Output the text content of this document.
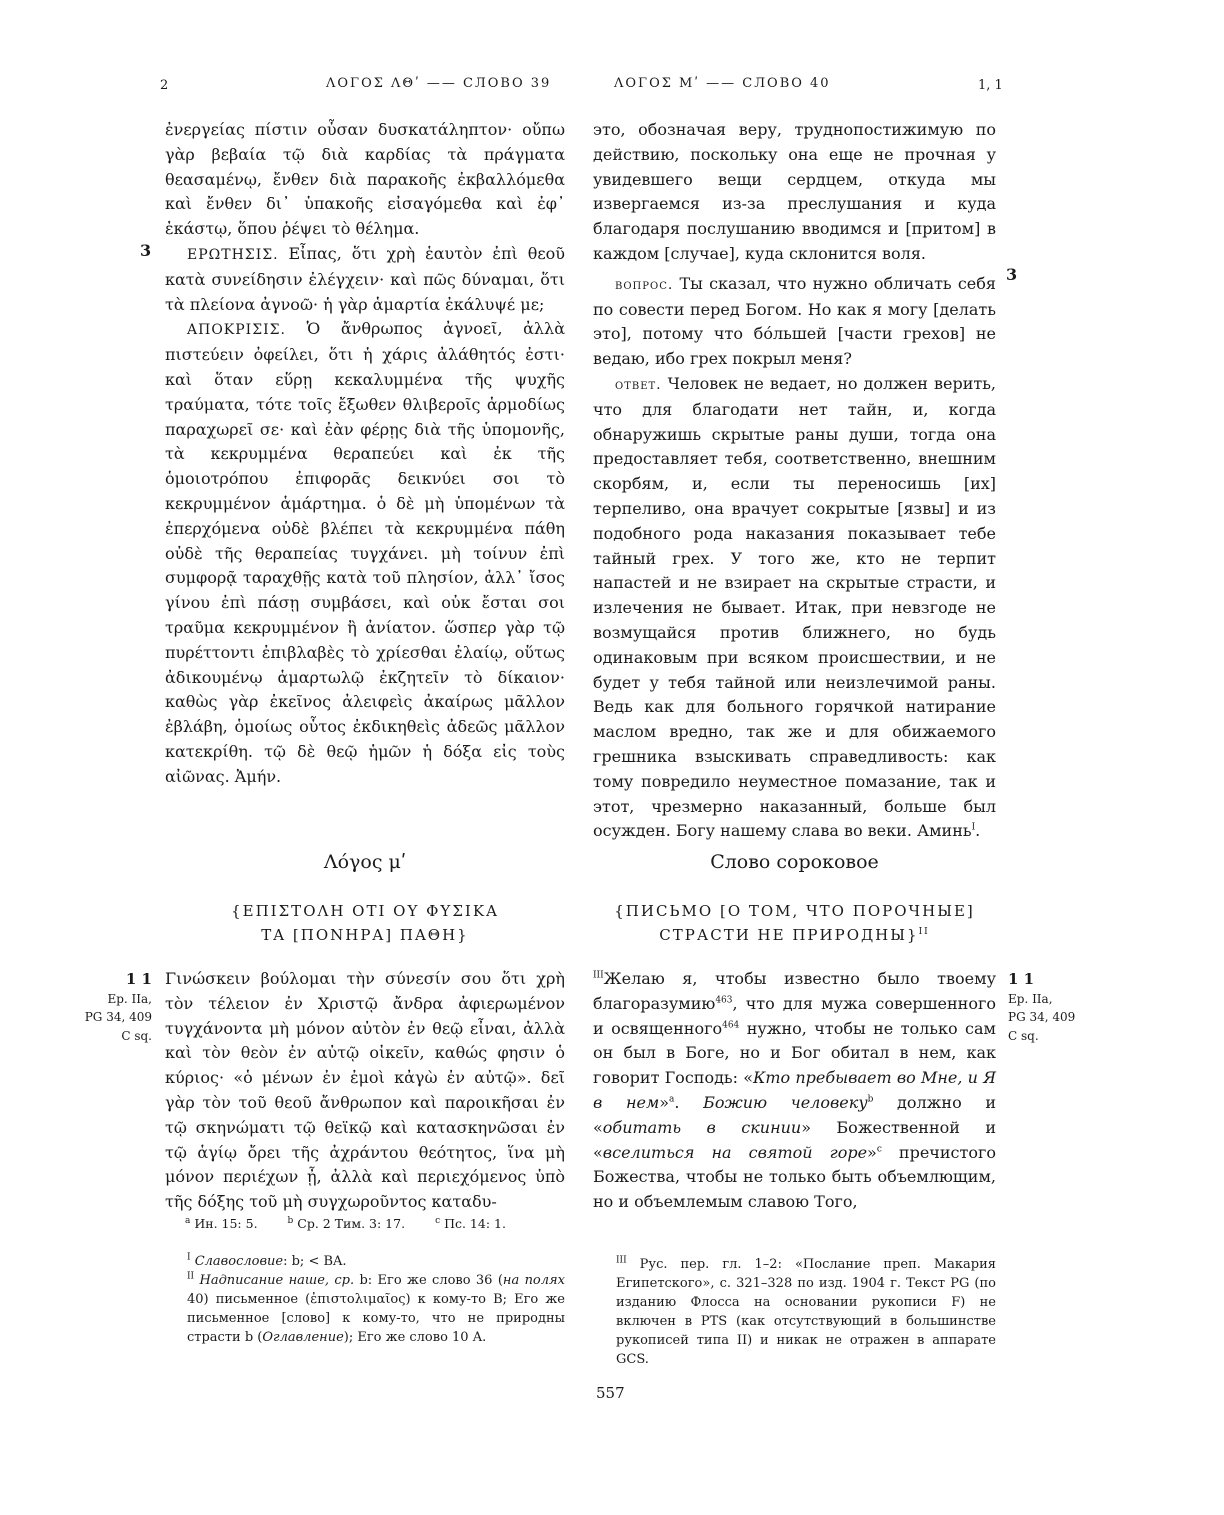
2	ΛΟΓΟΣ ΛΘʹ —— СЛОВО 39	ΛΟΓΟΣ Μʹ —— СЛОВО 40	1, 1

ἐνεργείας πίστιν οὖσαν δυσκατάληπτον· οὔπω γὰρ βεβαία τῷ διὰ καρδίας τὰ πράγματα θεασαμένῳ, ἔνθεν διὰ παρακοῆς ἐκβαλλόμεθα καὶ ἔνθεν δι᾽ ὑπακοῆς εἰσαγόμεθα καὶ ἐφ᾽ ἑκάστῳ, ὅπου ῥέψει τὸ θέλημα.

ΕΡΩΤΗΣΙΣ. Εἶπας, ὅτι χρὴ ἑαυτὸν ἐπὶ θεοῦ κατὰ συνείδησιν ἐλέγχειν· καὶ πῶς δύναμαι, ὅτι τὰ πλείονα ἀγνοῶ· ἡ γὰρ ἁμαρτία ἐκάλυψέ με;

ΑΠΟΚΡΙΣΙΣ. Ὁ ἄνθρωπος ἀγνοεῖ, ἀλλὰ πιστεύειν ὀφείλει, ὅτι ἡ χάρις ἀλάθητός ἐστι· καὶ ὅταν εὕρῃ κεκαλυμμένα τῆς ψυχῆς τραύματα, τότε τοῖς ἔξωθεν θλιβεροῖς ἁρμοδίως παραχωρεῖ σε· καὶ ἐὰν φέρῃς διὰ τῆς ὑπομονῆς, τὰ κεκρυμμένα θεραπεύει καὶ ἐκ τῆς ὁμοιοτρόπου ἐπιφορᾶς δεικνύει σοι τὸ κεκρυμμένον ἁμάρτημα. ὁ δὲ μὴ ὑπομένων τὰ ἐπερχόμενα οὐδὲ βλέπει τὰ κεκρυμμένα πάθη οὐδὲ τῆς θεραπείας τυγχάνει. μὴ τοίνυν ἐπὶ συμφορᾷ ταραχθῇς κατὰ τοῦ πλησίον, ἀλλ᾽ ἴσος γίνου ἐπὶ πάσῃ συμβάσει, καὶ οὐκ ἔσται σοι τραῦμα κεκρυμμένον ἢ ἀνίατον. ὥσπερ γὰρ τῷ πυρέττοντι ἐπιβλαβὲς τὸ χρίεσθαι ἐλαίῳ, οὕτως ἀδικουμένῳ ἁμαρτωλῷ ἐκζητεῖν τὸ δίκαιον· καθὼς γὰρ ἐκεῖνος ἀλειφεὶς ἀκαίρως μᾶλλον ἐβλάβη, ὁμοίως οὗτος ἐκδικηθεὶς ἀδεῶς μᾶλλον κατεκρίθη. τῷ δὲ θεῷ ἡμῶν ἡ δόξα εἰς τοὺς αἰῶνας. Ἀμήν.

3

это, обозначая веру, труднопостижимую по действию, поскольку она еще не прочная у увидевшего вещи сердцем, откуда мы извергаемся из-за преслушания и куда благодаря послушанию вводимся и [притом] в каждом [случае], куда склонится воля.

вопрос. Ты сказал, что нужно обличать себя по совести перед Богом. Но как я могу [делать это], потому что бóльшей [части грехов] не ведаю, ибо грех покрыл меня?

ответ. Человек не ведает, но должен верить, что для благодати нет тайн, и, когда обнаружишь скрытые раны души, тогда она предоставляет тебя, соответственно, внешним скорбям, и, если ты переносишь [их] терпеливо, она врачует сокрытые [язвы] и из подобного рода наказания показывает тебе тайный грех. У того же, кто не терпит напастей и не взирает на скрытые страсти, и излечения не бывает. Итак, при невзгоде не возмущайся против ближнего, но будь одинаковым при всяком происшествии, и не будет у тебя тайной или неизлечимой раны. Ведь как для больного горячкой натирание маслом вредно, так же и для обижаемого грешника взыскивать справедливость: как тому повредило неуместное помазание, так и этот, чрезмерно наказанный, больше был осужден. Богу нашему слава во веки. Аминь$^I$.

3
Λόγος μʹ	Слово сороковое
{ΕΠΙΣΤΟΛΗ ΟΤΙ ΟΥ ΦΥΣΙΚΑ
ΤΑ [ΠΟΝΗΡΑ] ΠΑΘΗ}
{ПИСЬМО [О ТОМ, ЧТО ПОРОЧНЫЕ]
СТРАСТИ НЕ ПРИРОДНЫ}$^{II}$
1 1
Ep. IIa,
PG 34, 409
C sq.
1 1
Ep. IIa,
PG 34, 409
C sq.

Γινώσκειν βούλομαι τὴν σύνεσίν σου ὅτι χρὴ τὸν τέλειον ἐν Χριστῷ ἄνδρα ἀφιερωμένον τυγχάνοντα μὴ μόνον αὐτὸν ἐν θεῷ εἶναι, ἀλλὰ καὶ τὸν θεὸν ἐν αὐτῷ οἰκεῖν, καθώς φησιν ὁ κύριος· «ὁ μένων ἐν ἐμοὶ κἀγὼ ἐν αὐτῷ». δεῖ γὰρ τὸν τοῦ θεοῦ ἄνθρωπον καὶ παροικῆσαι ἐν τῷ σκηνώματι τῷ θεϊκῷ καὶ κατασκηνῶσαι ἐν τῷ ἁγίῳ ὄρει τῆς ἀχράντου θεότητος, ἵνα μὴ μόνον περιέχων ᾖ, ἀλλὰ καὶ περιεχόμενος ὑπὸ τῆς δόξης τοῦ μὴ συγχωροῦντος καταδυ-

$^{III}$Желаю я, чтобы известно было твоему благоразумию$^{463}$, что для мужа совершенного и освященного$^{464}$ нужно, чтобы не только сам он был в Боге, но и Бог обитал в нем, как говорит Господь: «Кто пребывает во Мне, и Я в нем»$^a$. Божию человеку$^b$ должно и «обитать в скинии» Божественной и «вселиться на святой горе»$^c$ пречистого Божества, чтобы не только быть объемлющим, но и объемлемым славою Того,

$^a$ Ин. 15: 5.	$^b$ Ср. 2 Тим. 3: 17.	$^c$ Пс. 14: 1.

$^I$ Славословие: b; < BA.

$^{II}$ Надписание наше, ср. b: Его же слово 36 (на полях 40) письменное (ἐπιστολιμαῖος) к кому-то B; Его же письменное [слово] к кому-то, что не природны страсти b (Оглавление); Его же слово 10 A.

$^{III}$ Рус. пер. гл. 1–2: «Послание преп. Макария Египетского», с. 321–328 по изд. 1904 г. Текст PG (по изданию Флосса на основании рукописи F) не включен в PTS (как отсутствующий в большинстве рукописей типа II) и никак не отражен в аппарате GCS.

557
